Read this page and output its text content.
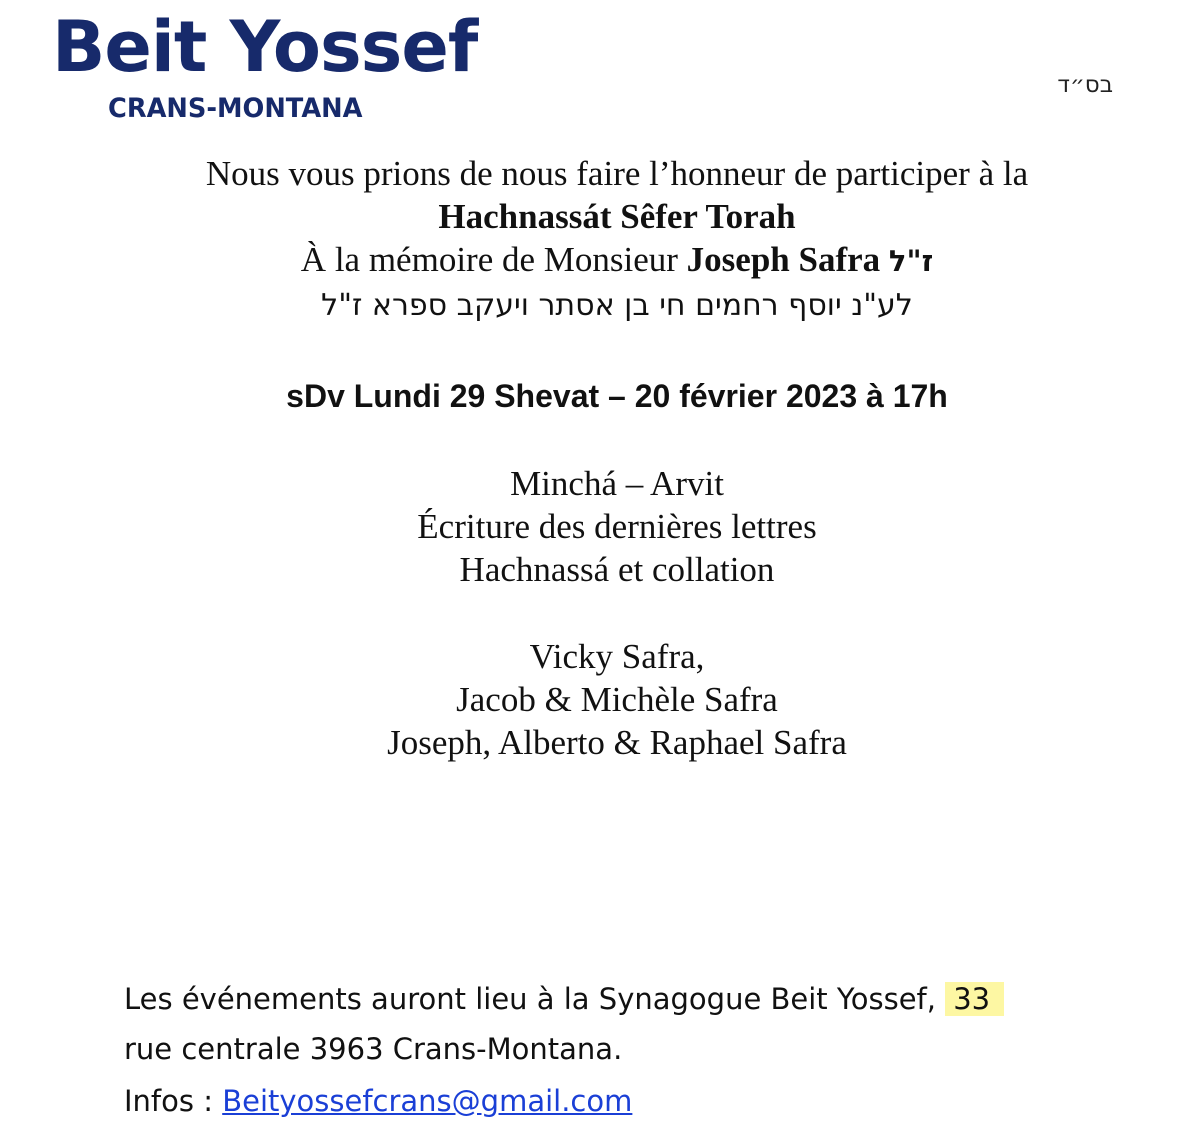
Beit Yossef
CRANS-MONTANA
בס״ד
Nous vous prions de nous faire l’honneur de participer à la
Hachnassát Sêfer Torah
À la mémoire de Monsieur Joseph Safra ז"ל
לע"נ יוסף רחמים חי בן אסתר ויעקב ספרא ז"ל
sDv Lundi 29 Shevat – 20 février 2023 à 17h
Minchá – Arvit
Écriture des dernières lettres
Hachnassá et collation
Vicky Safra,
Jacob & Michèle Safra
Joseph, Alberto & Raphael Safra
Les événements auront lieu à la Synagogue Beit Yossef, 33
rue centrale 3963 Crans-Montana.
Infos : Beityossefcrans@gmail.com
